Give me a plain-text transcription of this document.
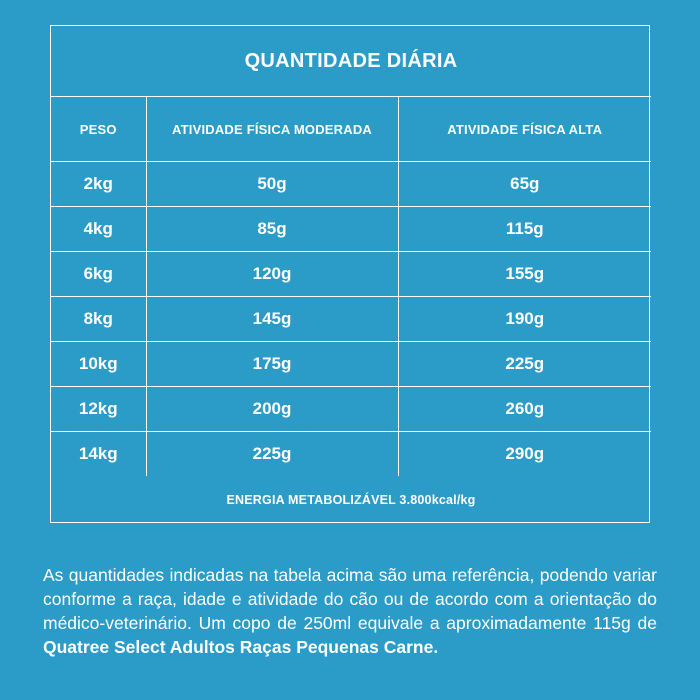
QUANTIDADE DIÁRIA		
PESO	ATIVIDADE FÍSICA MODERADA	ATIVIDADE FÍSICA ALTA
2kg	50g	65g
4kg	85g	115g
6kg	120g	155g
8kg	145g	190g
10kg	175g	225g
12kg	200g	260g
14kg	225g	290g
ENERGIA METABOLIZÁVEL 3.800kcal/kg		

As quantidades indicadas na tabela acima são uma referência, podendo variar conforme a raça, idade e atividade do cão ou de acordo com a orientação do médico-veterinário. Um copo de 250ml equivale a aproximadamente 115g de Quatree Select Adultos Raças Pequenas Carne.
